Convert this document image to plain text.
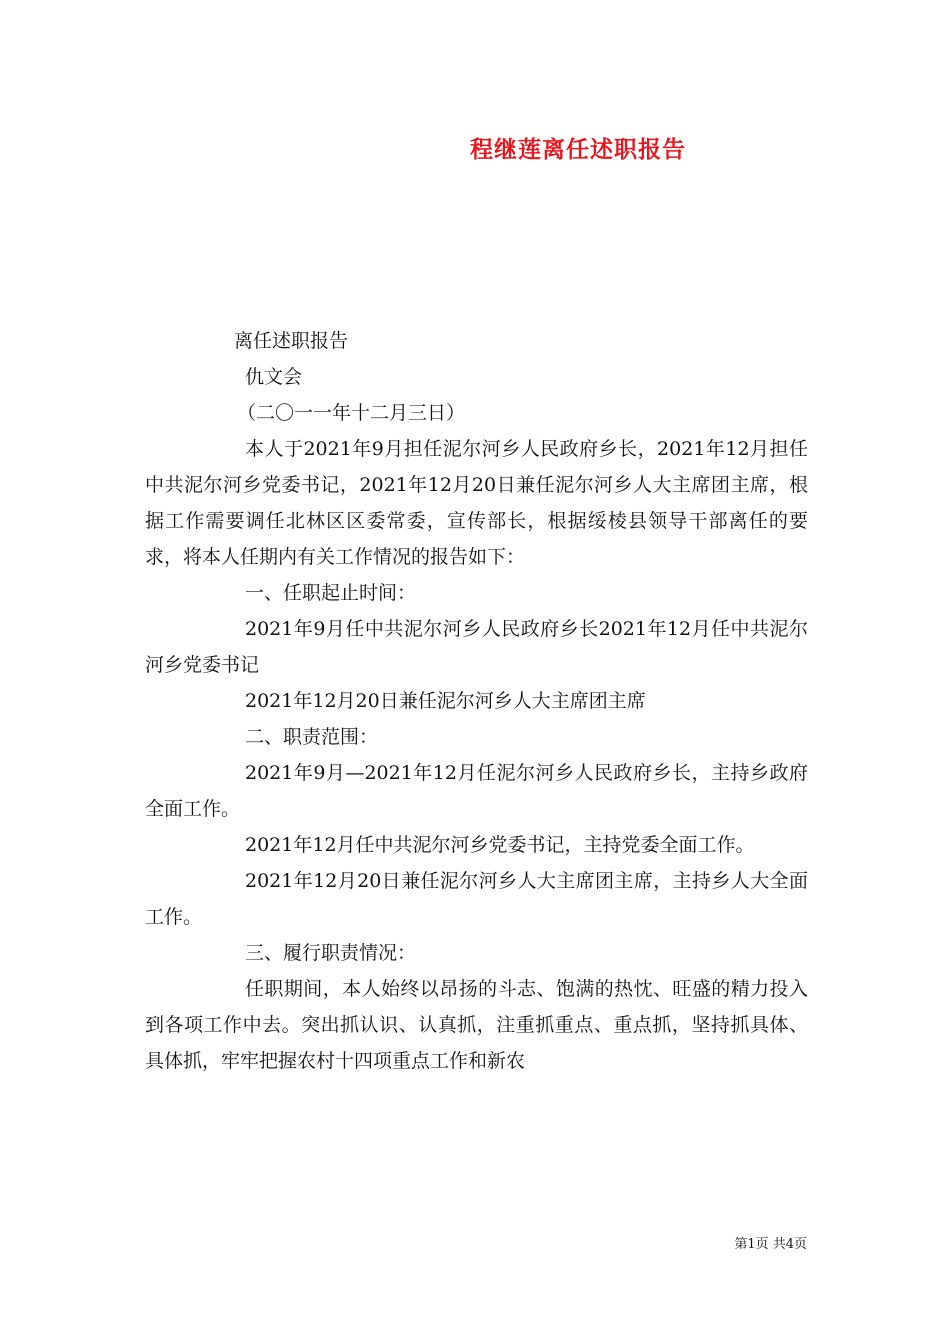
程继莲离任述职报告
离任述职报告
仇文会
（二〇一一年十二月三日）
本人于2021年9月担任泥尔河乡人民政府乡长，2021年12月担任中共泥尔河乡党委书记，2021年12月20日兼任泥尔河乡人大主席团主席，根据工作需要调任北林区区委常委，宣传部长，根据绥棱县领导干部离任的要求，将本人任期内有关工作情况的报告如下：
一、任职起止时间：
2021年9月任中共泥尔河乡人民政府乡长2021年12月任中共泥尔河乡党委书记
2021年12月20日兼任泥尔河乡人大主席团主席
二、职责范围：
2021年9月—2021年12月任泥尔河乡人民政府乡长，主持乡政府全面工作。
2021年12月任中共泥尔河乡党委书记，主持党委全面工作。
2021年12月20日兼任泥尔河乡人大主席团主席，主持乡人大全面工作。
三、履行职责情况：
任职期间，本人始终以昂扬的斗志、饱满的热忱、旺盛的精力投入到各项工作中去。突出抓认识、认真抓，注重抓重点、重点抓，坚持抓具体、具体抓，牢牢把握农村十四项重点工作和新农
第1页 共4页
